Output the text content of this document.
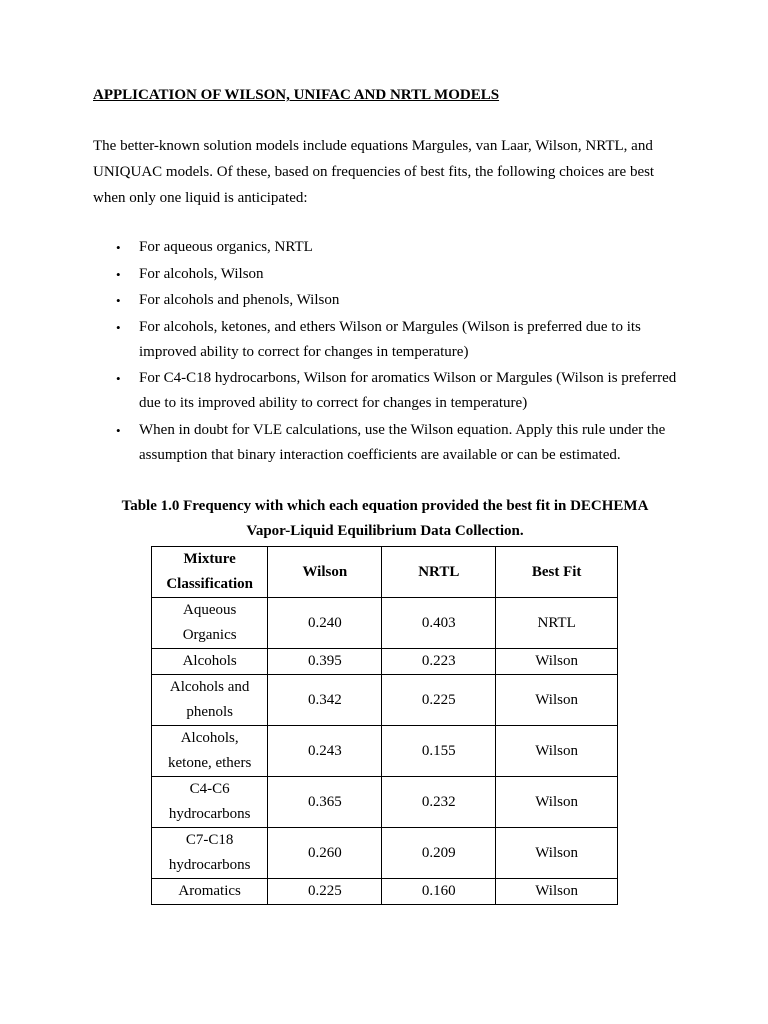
APPLICATION OF WILSON, UNIFAC AND NRTL MODELS

The better-known solution models include equations Margules, van Laar, Wilson, NRTL, and UNIQUAC models. Of these, based on frequencies of best fits, the following choices are best when only one liquid is anticipated:

• For aqueous organics, NRTL
• For alcohols, Wilson
• For alcohols and phenols, Wilson
• For alcohols, ketones, and ethers Wilson or Margules (Wilson is preferred due to its improved ability to correct for changes in temperature)
• For C4-C18 hydrocarbons, Wilson for aromatics Wilson or Margules (Wilson is preferred due to its improved ability to correct for changes in temperature)
• When in doubt for VLE calculations, use the Wilson equation. Apply this rule under the assumption that binary interaction coefficients are available or can be estimated.
Table 1.0 Frequency with which each equation provided the best fit in DECHEMA
Vapor-Liquid Equilibrium Data Collection.
Mixture
Classification	Wilson	NRTL	Best Fit

Aqueous
Organics	0.240	0.403	NRTL
Alcohols	0.395	0.223	Wilson

Alcohols and
phenols	0.342	0.225	Wilson

Alcohols,
ketone, ethers	0.243	0.155	Wilson

C4-C6
hydrocarbons	0.365	0.232	Wilson

C7-C18
hydrocarbons	0.260	0.209	Wilson
Aromatics	0.225	0.160	Wilson
